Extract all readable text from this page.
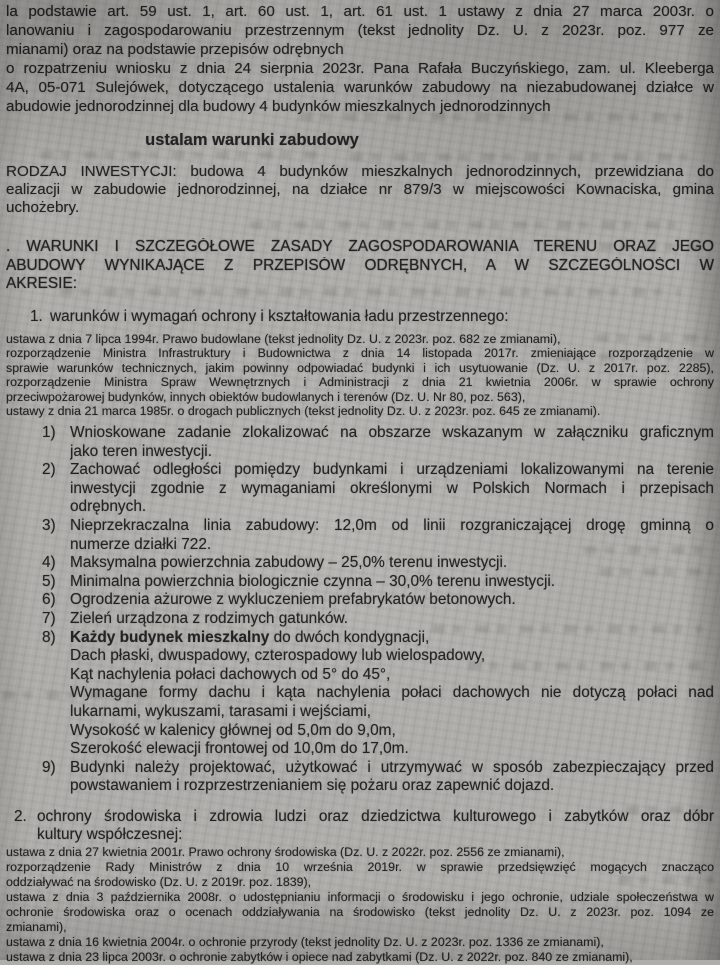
la podstawie art. 59 ust. 1, art. 60 ust. 1, art. 61 ust. 1 ustawy z dnia 27 marca 2003r. o
lanowaniu i zagospodarowaniu przestrzennym (tekst jednolity Dz. U. z 2023r. poz. 977 ze
mianami) oraz na podstawie przepisów odrębnych
o rozpatrzeniu wniosku z dnia 24 sierpnia 2023r. Pana Rafała Buczyńskiego, zam. ul. Kleeberga
4A, 05-071 Sulejówek, dotyczącego ustalenia warunków zabudowy na niezabudowanej działce w
abudowie jednorodzinnej dla budowy 4 budynków mieszkalnych jednorodzinnych
ustalam warunki zabudowy
RODZAJ INWESTYCJI: budowa 4 budynków mieszkalnych jednorodzinnych, przewidziana do
ealizacji w zabudowie jednorodzinnej, na działce nr 879/3 w miejscowości Kownaciska, gmina
uchożebry.
. WARUNKI I SZCZEGÓŁOWE ZASADY ZAGOSPODAROWANIA TERENU ORAZ JEGO
ABUDOWY WYNIKAJĄCE Z PRZEPISÓW ODRĘBNYCH, A W SZCZEGÓLNOŚCI W
AKRESIE:
1. warunków i wymagań ochrony i kształtowania ładu przestrzennego:
ustawa z dnia 7 lipca 1994r. Prawo budowlane (tekst jednolity Dz. U. z 2023r. poz. 682 ze zmianami),
rozporządzenie Ministra Infrastruktury i Budownictwa z dnia 14 listopada 2017r. zmieniające rozporządzenie w
sprawie warunków technicznych, jakim powinny odpowiadać budynki i ich usytuowanie (Dz. U. z 2017r. poz. 2285),
rozporządzenie Ministra Spraw Wewnętrznych i Administracji z dnia 21 kwietnia 2006r. w sprawie ochrony
przeciwpożarowej budynków, innych obiektów budowlanych i terenów (Dz. U. Nr 80, poz. 563),
ustawy z dnia 21 marca 1985r. o drogach publicznych (tekst jednolity Dz. U. z 2023r. poz. 645 ze zmianami).
1) Wnioskowane zadanie zlokalizować na obszarze wskazanym w załączniku graficznym
jako teren inwestycji.
2) Zachować odległości pomiędzy budynkami i urządzeniami lokalizowanymi na terenie
inwestycji zgodnie z wymaganiami określonymi w Polskich Normach i przepisach
odrębnych.
3) Nieprzekraczalna linia zabudowy: 12,0m od linii rozgraniczającej drogę gminną o
numerze działki 722.
4) Maksymalna powierzchnia zabudowy – 25,0% terenu inwestycji.
5) Minimalna powierzchnia biologicznie czynna – 30,0% terenu inwestycji.
6) Ogrodzenia ażurowe z wykluczeniem prefabrykatów betonowych.
7) Zieleń urządzona z rodzimych gatunków.
8) Każdy budynek mieszkalny do dwóch kondygnacji,
Dach płaski, dwuspadowy, czterospadowy lub wielospadowy,
Kąt nachylenia połaci dachowych od 5° do 45°,
Wymagane formy dachu i kąta nachylenia połaci dachowych nie dotyczą połaci nad
lukarnami, wykuszami, tarasami i wejściami,
Wysokość w kalenicy głównej od 5,0m do 9,0m,
Szerokość elewacji frontowej od 10,0m do 17,0m.
9) Budynki należy projektować, użytkować i utrzymywać w sposób zabezpieczający przed
powstawaniem i rozprzestrzenianiem się pożaru oraz zapewnić dojazd.
2. ochrony środowiska i zdrowia ludzi oraz dziedzictwa kulturowego i zabytków oraz dóbr
kultury współczesnej:
ustawa z dnia 27 kwietnia 2001r. Prawo ochrony środowiska (Dz. U. z 2022r. poz. 2556 ze zmianami),
rozporządzenie Rady Ministrów z dnia 10 września 2019r. w sprawie przedsięwzięć mogących znacząco
oddziaływać na środowisko (Dz. U. z 2019r. poz. 1839),
ustawa z dnia 3 października 2008r. o udostępnianiu informacji o środowisku i jego ochronie, udziale społeczeństwa w
ochronie środowiska oraz o ocenach oddziaływania na środowisko (tekst jednolity Dz. U. z 2023r. poz. 1094 ze
zmianami),
ustawa z dnia 16 kwietnia 2004r. o ochronie przyrody (tekst jednolity Dz. U. z 2023r. poz. 1336 ze zmianami),
ustawa z dnia 23 lipca 2003r. o ochronie zabytków i opiece nad zabytkami (Dz. U. z 2022r. poz. 840 ze zmianami),
